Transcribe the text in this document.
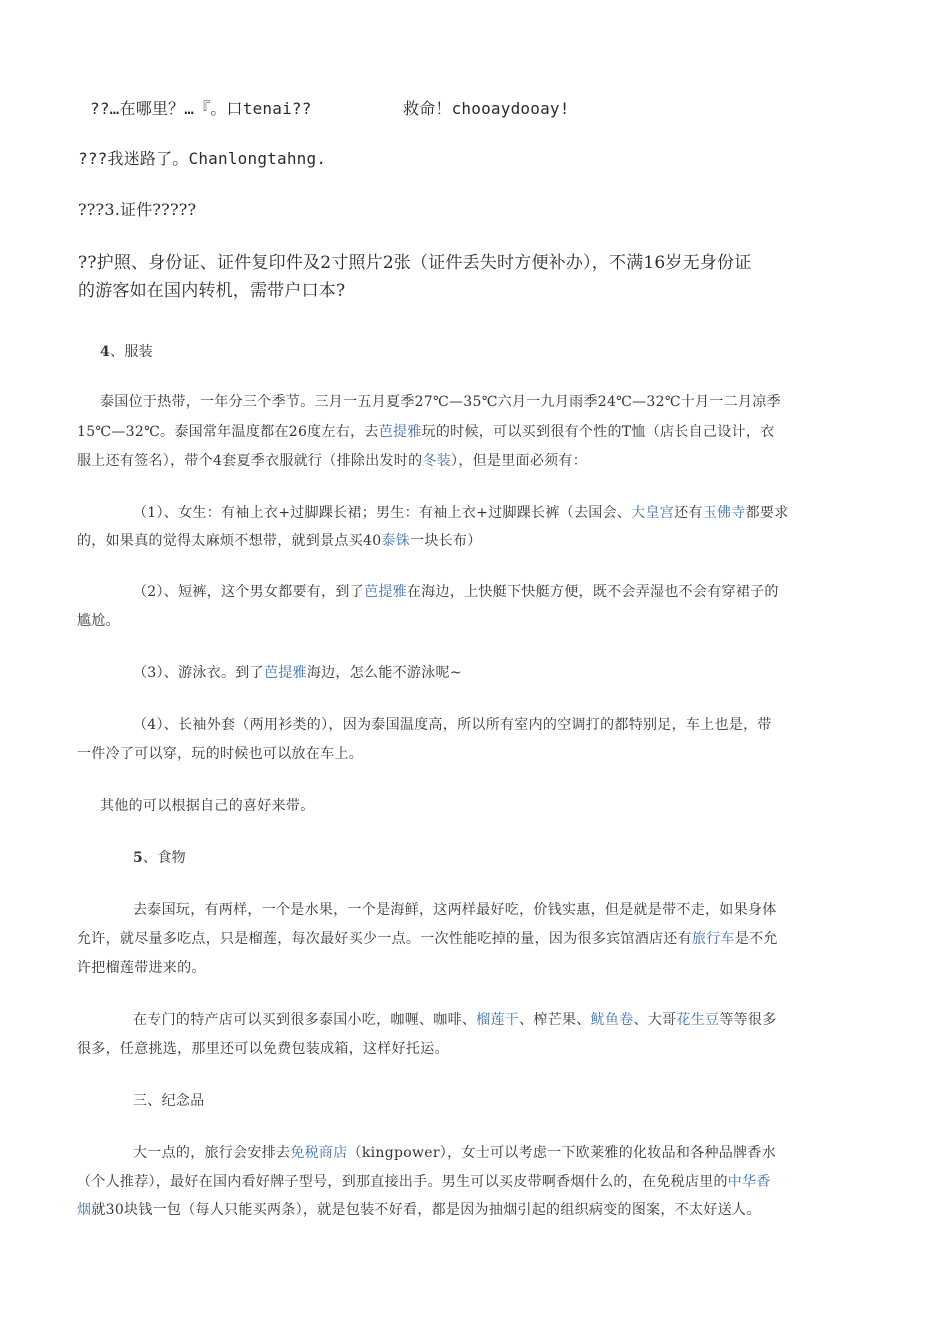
??…在哪里？…『。口tenai??	救命！chooaydooay!
???我迷路了。Chanlongtahng.
???3.证件?????
??护照、身份证、证件复印件及2寸照片2张（证件丢失时方便补办），不满16岁无身份证
的游客如在国内转机，需带户口本?
4、服装
泰国位于热带，一年分三个季节。三月一五月夏季27℃—35℃六月一九月雨季24℃—32℃十月一二月凉季
15℃—32℃。泰国常年温度都在26度左右，去芭提雅玩的时候，可以买到很有个性的T恤（店长自己设计，衣
服上还有签名），带个4套夏季衣服就行（排除出发时的冬装），但是里面必须有：
（1）、女生：有袖上衣+过脚踝长裙；男生：有袖上衣+过脚踝长裤（去国会、大皇宫还有玉佛寺都要求
的，如果真的觉得太麻烦不想带，就到景点买40泰铢一块长布）
（2）、短裤，这个男女都要有，到了芭提雅在海边，上快艇下快艇方便，既不会弄湿也不会有穿裙子的
尴尬。
（3）、游泳衣。到了芭提雅海边，怎么能不游泳呢~
（4）、长袖外套（两用衫类的），因为泰国温度高，所以所有室内的空调打的都特别足，车上也是，带
一件冷了可以穿，玩的时候也可以放在车上。
其他的可以根据自己的喜好来带。
5、食物
去泰国玩，有两样，一个是水果，一个是海鲜，这两样最好吃，价钱实惠，但是就是带不走，如果身体
允许，就尽量多吃点，只是榴莲，每次最好买少一点。一次性能吃掉的量，因为很多宾馆酒店还有旅行车是不允
许把榴莲带进来的。
在专门的特产店可以买到很多泰国小吃，咖喱、咖啡、榴莲干、榨芒果、鱿鱼卷、大哥花生豆等等很多
很多，任意挑选，那里还可以免费包装成箱，这样好托运。
三、纪念品
大一点的，旅行会安排去免税商店（kingpower），女士可以考虑一下欧莱雅的化妆品和各种品牌香水
（个人推荐），最好在国内看好牌子型号，到那直接出手。男生可以买皮带啊香烟什么的，在免税店里的中华香
烟就30块钱一包（每人只能买两条），就是包装不好看，都是因为抽烟引起的组织病变的图案，不太好送人。
